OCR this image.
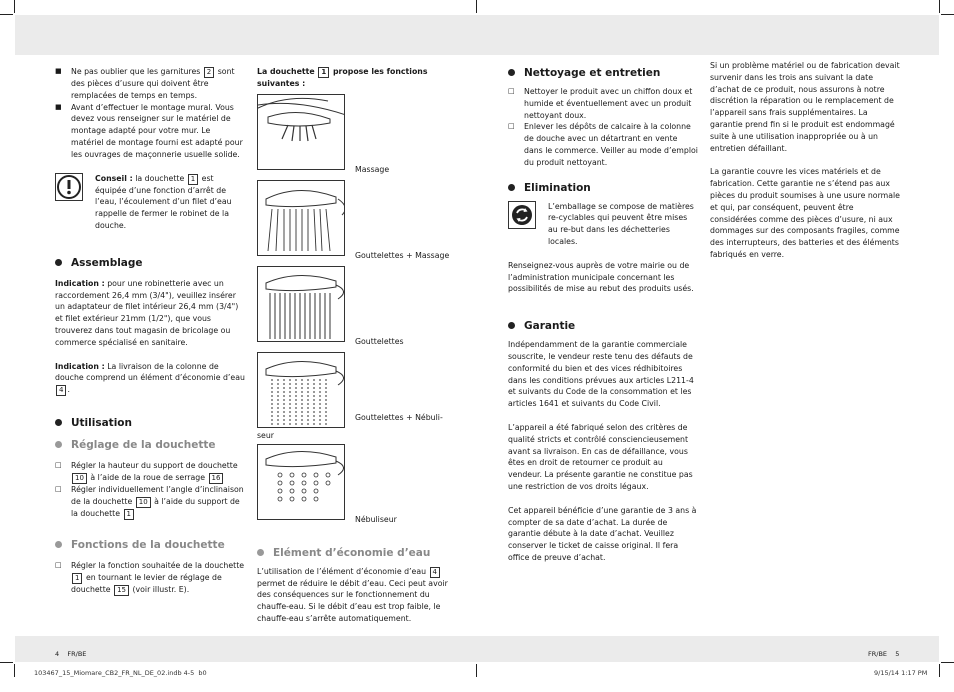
■ Ne pas oublier que les garnitures 2 sont des pièces d’usure qui doivent être remplacées de temps en temps.
■ Avant d’effectuer le montage mural. Vous devez vous renseigner sur le matériel de montage adapté pour votre mur. Le matériel de montage fourni est adapté pour les ouvrages de maçonnerie usuelle solide.

Conseil : la douchette 1 est équipée d’une fonction d’arrêt de l’eau, l’écoulement d’un filet d’eau rappelle de fermer le robinet de la douche.

Assemblage

Indication : pour une robinetterie avec un raccordement 26,4 mm (3/4"), veuillez insérer un adaptateur de filet intérieur 26,4 mm (3/4") et filet extérieur 21mm (1/2"), que vous trouverez dans tout magasin de bricolage ou commerce spécialisé en sanitaire.

Indication : La livraison de la colonne de douche comprend un élément d’économie d’eau 4 .

Utilisation
Réglage de la douchette
□ Régler la hauteur du support de douchette 10 à l’aide de la roue de serrage 16
□ Régler individuellement l’angle d’inclinaison de la douchette 10 à l’aide du support de la douchette 1
Fonctions de la douchette
□ Régler la fonction souhaitée de la douchette 1 en tournant le levier de réglage de douchette 15 (voir illustr. E).

La douchette 1 propose les fonctions suivantes :

Massage
Gouttelettes + Massage
Gouttelettes
Gouttelettes + Nébuli-

seur

Nébuliseur
Elément d’économie d’eau

L’utilisation de l’élément d’économie d’eau 4 permet de réduire le débit d’eau. Ceci peut avoir des conséquences sur le fonctionnement du chauffe-eau. Si le débit d’eau est trop faible, le chauffe-eau s’arrête automatiquement.

Nettoyage et entretien
□ Nettoyer le produit avec un chiffon doux et humide et éventuellement avec un produit nettoyant doux.
□ Enlever les dépôts de calcaire à la colonne de douche avec un détartrant en vente dans le commerce. Veiller au mode d’emploi du produit nettoyant.
Elimination

L’emballage se compose de matières re-cyclables qui peuvent être mises au re-but dans les déchetteries locales.

Renseignez-vous auprès de votre mairie ou de l’administration municipale concernant les possibilités de mise au rebut des produits usés.

Garantie

Indépendamment de la garantie commerciale souscrite, le vendeur reste tenu des défauts de conformité du bien et des vices rédhibitoires dans les conditions prévues aux articles L211-4 et suivants du Code de la consommation et les articles 1641 et suivants du Code Civil.

L’appareil a été fabriqué selon des critères de qualité stricts et contrôlé consciencieusement avant sa livraison. En cas de défaillance, vous êtes en droit de retourner ce produit au vendeur. La présente garantie ne constitue pas une restriction de vos droits légaux.

Cet appareil bénéficie d’une garantie de 3 ans à compter de sa date d’achat. La durée de garantie débute à la date d’achat. Veuillez conserver le ticket de caisse original. Il fera office de preuve d’achat.

Si un problème matériel ou de fabrication devait survenir dans les trois ans suivant la date d’achat de ce produit, nous assurons à notre discrétion la réparation ou le remplacement de l’appareil sans frais supplémentaires. La garantie prend fin si le produit est endommagé suite à une utilisation inappropriée ou à un entretien défaillant.

La garantie couvre les vices matériels et de fabrication. Cette garantie ne s’étend pas aux pièces du produit soumises à une usure normale et qui, par conséquent, peuvent être considérées comme des pièces d’usure, ni aux dommages sur des composants fragiles, comme des interrupteurs, des batteries et des éléments fabriqués en verre.

4 FR/BE	FR/BE 5
103467_15_Miomare_CB2_FR_NL_DE_02.indb 4-5 b0	9/15/14 1:17 PM
